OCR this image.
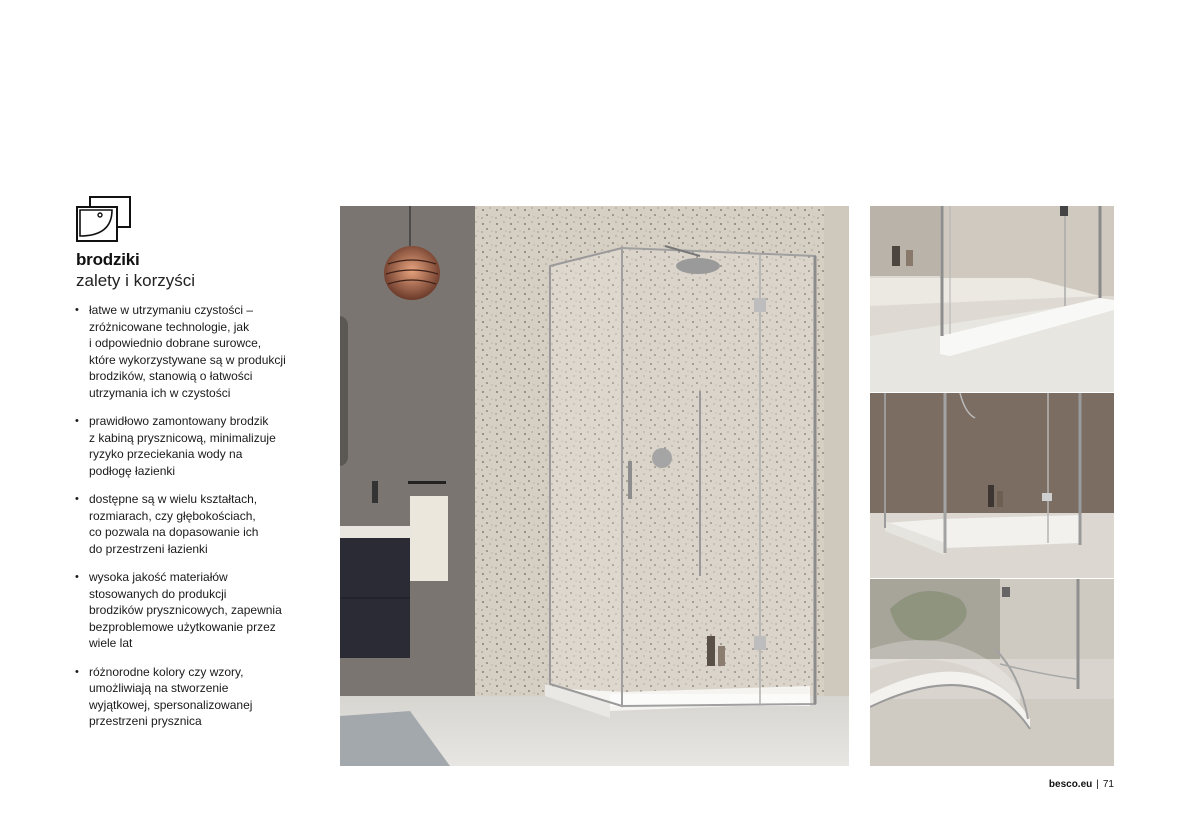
brodziki

zalety i korzyści

• łatwe w utrzymaniu czystości –
zróżnicowane technologie, jak
i odpowiednio dobrane surowce,
które wykorzystywane są w produkcji
brodzików, stanowią o łatwości
utrzymania ich w czystości
• prawidłowo zamontowany brodzik
z kabiną prysznicową, minimalizuje
ryzyko przeciekania wody na
podłogę łazienki
• dostępne są w wielu kształtach,
rozmiarach, czy głębokościach,
co pozwala na dopasowanie ich
do przestrzeni łazienki
• wysoka jakość materiałów
stosowanych do produkcji
brodzików prysznicowych, zapewnia
bezproblemowe użytkowanie przez
wiele lat
• różnorodne kolory czy wzory,
umożliwiają na stworzenie
wyjątkowej, spersonalizowanej
przestrzeni prysznica
besco.eu | 71
